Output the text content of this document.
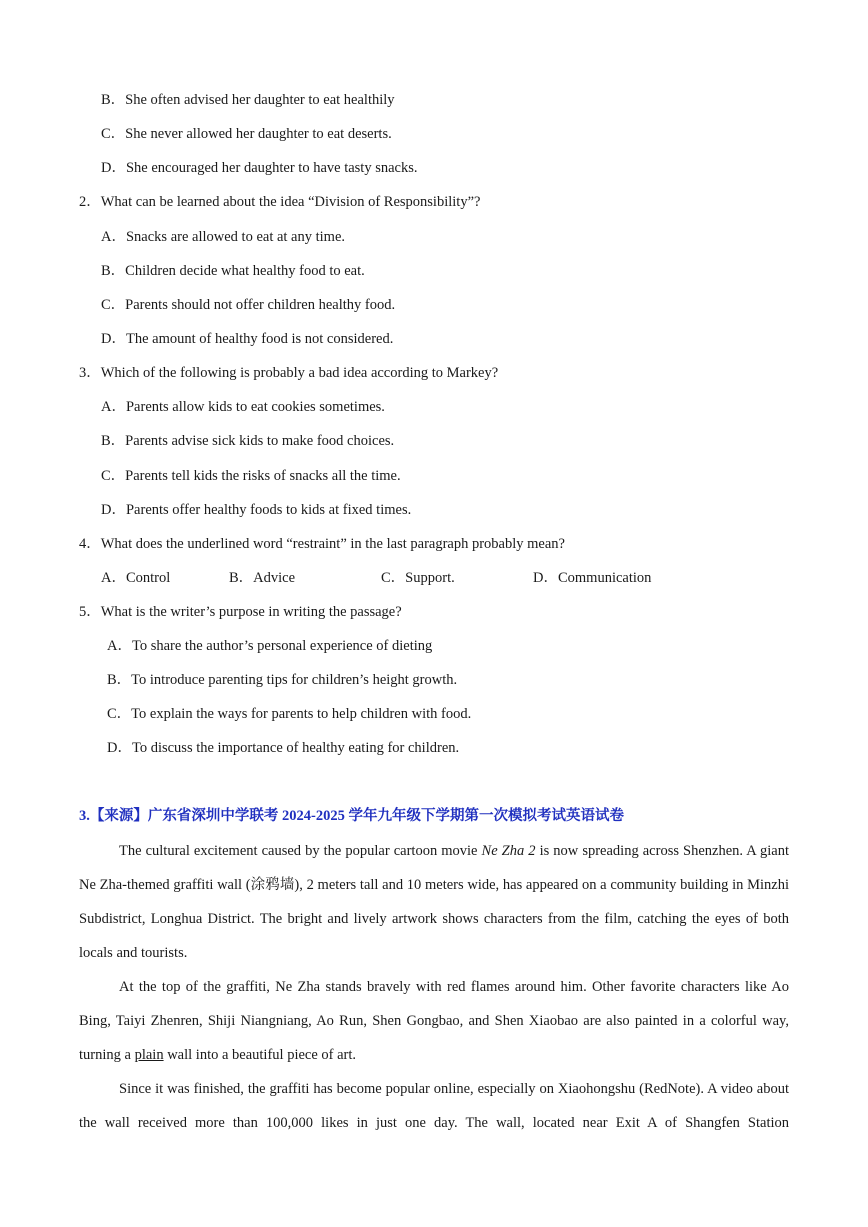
B．She often advised her daughter to eat healthily
C．She never allowed her daughter to eat deserts.
D．She encouraged her daughter to have tasty snacks.
2．What can be learned about the idea “Division of Responsibility”?
A．Snacks are allowed to eat at any time.
B．Children decide what healthy food to eat.
C．Parents should not offer children healthy food.
D．The amount of healthy food is not considered.
3．Which of the following is probably a bad idea according to Markey?
A．Parents allow kids to eat cookies sometimes.
B．Parents advise sick kids to make food choices.
C．Parents tell kids the risks of snacks all the time.
D．Parents offer healthy foods to kids at fixed times.
4．What does the underlined word “restraint” in the last paragraph probably mean?
A．Control	B．Advice	C．Support.	D．Communication
5．What is the writer’s purpose in writing the passage?
A．To share the author’s personal experience of dieting
B．To introduce parenting tips for children’s height growth.
C．To explain the ways for parents to help children with food.
D．To discuss the importance of healthy eating for children.
3.【来源】广东省深圳中学联考 2024-2025 学年九年级下学期第一次模拟考试英语试卷

The cultural excitement caused by the popular cartoon movie Ne Zha 2 is now spreading across Shenzhen. A giant Ne Zha-themed graffiti wall (涂鸦墙), 2 meters tall and 10 meters wide, has appeared on a community building in Minzhi Subdistrict, Longhua District. The bright and lively artwork shows characters from the film, catching the eyes of both locals and tourists.

At the top of the graffiti, Ne Zha stands bravely with red flames around him. Other favorite characters like Ao Bing, Taiyi Zhenren, Shiji Niangniang, Ao Run, Shen Gongbao, and Shen Xiaobao are also painted in a colorful way, turning a plain wall into a beautiful piece of art.

Since it was finished, the graffiti has become popular online, especially on Xiaohongshu (RedNote). A video about the wall received more than 100,000 likes in just one day. The wall, located near Exit A of Shangfen Station
